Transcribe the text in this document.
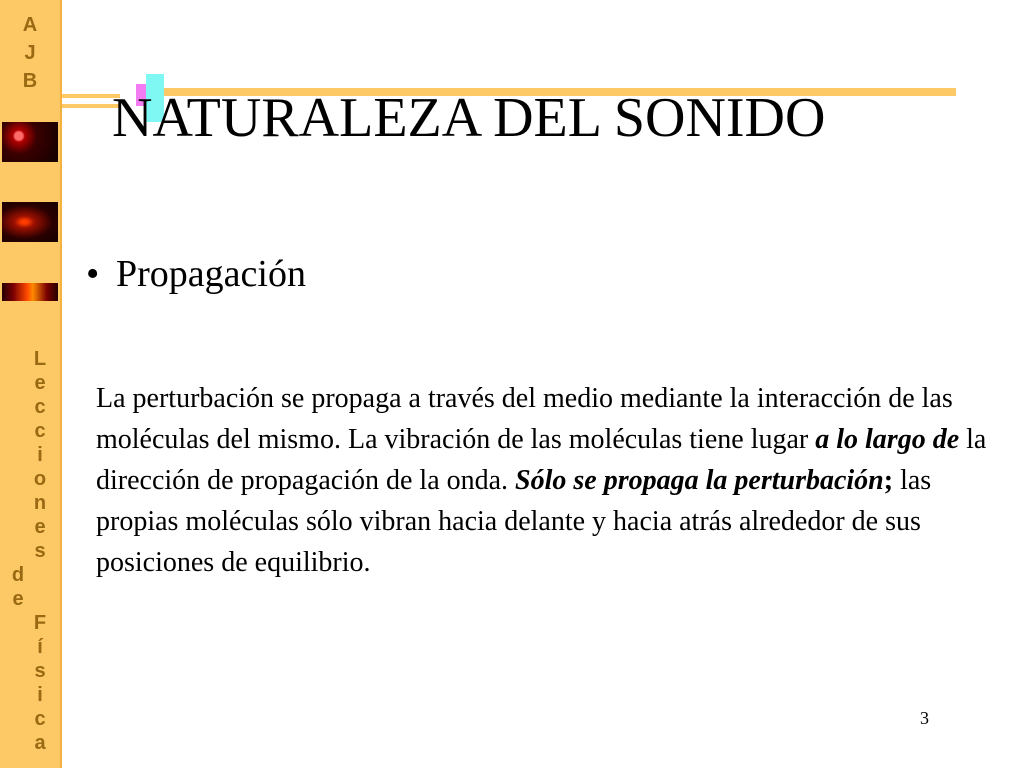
A
J
B
L
e
c
c
i
o
n
e
s
d
e
F
í
s
i
c
a
NATURALEZA DEL SONIDO
• Propagación
La perturbación se propaga a través del medio mediante la interacción de las moléculas del mismo. La vibración de las moléculas tiene lugar a lo largo de la dirección de propagación de la onda. Sólo se propaga la perturbación; las propias moléculas sólo vibran hacia delante y hacia atrás alrededor de sus posiciones de equilibrio.
3
